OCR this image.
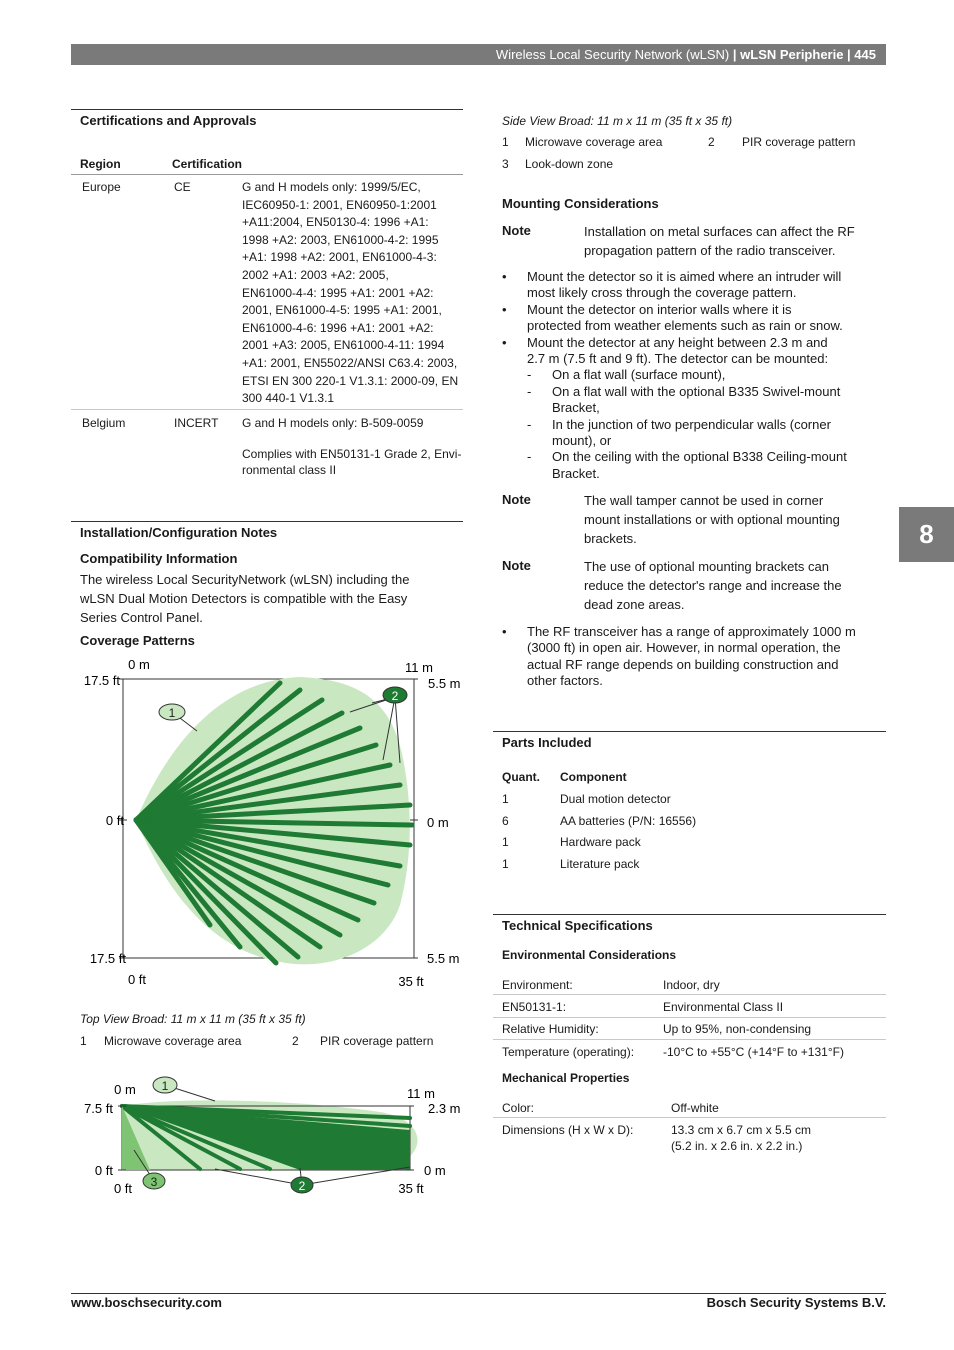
Wireless Local Security Network (wLSN) | wLSN Peripherie | 445
8
Certifications and Approvals
Region	Certification
Europe	CE	G and H models only: 1999/5/EC,
IEC60950-1: 2001, EN60950-1:2001
+A11:2004, EN50130-4: 1996 +A1:
1998 +A2: 2003, EN61000-4-2: 1995
+A1: 1998 +A2: 2001, EN61000-4-3:
2002 +A1: 2003 +A2: 2005,
EN61000-4-4: 1995 +A1: 2001 +A2:
2001, EN61000-4-5: 1995 +A1: 2001,
EN61000-4-6: 1996 +A1: 2001 +A2:
2001 +A3: 2005, EN61000-4-11: 1994
+A1: 2001, EN55022/ANSI C63.4: 2003,
ETSI EN 300 220-1 V1.3.1: 2000-09, EN
300 440-1 V1.3.1
Belgium	INCERT G and H models only: B-509-0059
Complies with EN50131-1 Grade 2, Envi-
ronmental class II
Installation/Configuration Notes
Compatibility Information
The wireless Local SecurityNetwork (wLSN) including the
wLSN Dual Motion Detectors is compatible with the Easy
Series Control Panel.
Coverage Patterns
1
2
0 m
17.5 ft
11 m
5.5 m
0 ft	0 m
17.5 ft	5.5 m
0 ft	35 ft
Top View Broad: 11 m x 11 m (35 ft x 35 ft)
1 Microwave coverage area	2 PIR coverage pattern
1
2
3
0 m
7.5 ft
11 m
2.3 m
0 ft	0 m
0 ft	35 ft
Side View Broad: 11 m x 11 m (35 ft x 35 ft)
1 Microwave coverage area	2 PIR coverage pattern
3 Look-down zone
Mounting Considerations
Note	Installation on metal surfaces can affect the RF
propagation pattern of the radio transceiver.
• Mount the detector so it is aimed where an intruder will
most likely cross through the coverage pattern.
• Mount the detector on interior walls where it is
protected from weather elements such as rain or snow.
• Mount the detector at any height between 2.3 m and
2.7 m (7.5 ft and 9 ft). The detector can be mounted:
- On a flat wall (surface mount),
- On a flat wall with the optional B335 Swivel-mount
Bracket,
- In the junction of two perpendicular walls (corner
mount), or
- On the ceiling with the optional B338 Ceiling-mount
Bracket.
Note	The wall tamper cannot be used in corner
mount installations or with optional mounting
brackets.
Note	The use of optional mounting brackets can
reduce the detector's range and increase the
dead zone areas.
• The RF transceiver has a range of approximately 1000 m
(3000 ft) in open air. However, in normal operation, the
actual RF range depends on building construction and
other factors.
Parts Included
Quant. Component
1	Dual motion detector
6	AA batteries (P/N: 16556)
1	Hardware pack
1	Literature pack
Technical Specifications
Environmental Considerations
Environment:	Indoor, dry
EN50131-1:	Environmental Class II
Relative Humidity:	Up to 95%, non-condensing
Temperature (operating): -10°C to +55°C (+14°F to +131°F)
Mechanical Properties
Color:	Off-white
Dimensions (H x W x D):	13.3 cm x 6.7 cm x 5.5 cm
(5.2 in. x 2.6 in. x 2.2 in.)
www.boschsecurity.com	Bosch Security Systems B.V.
